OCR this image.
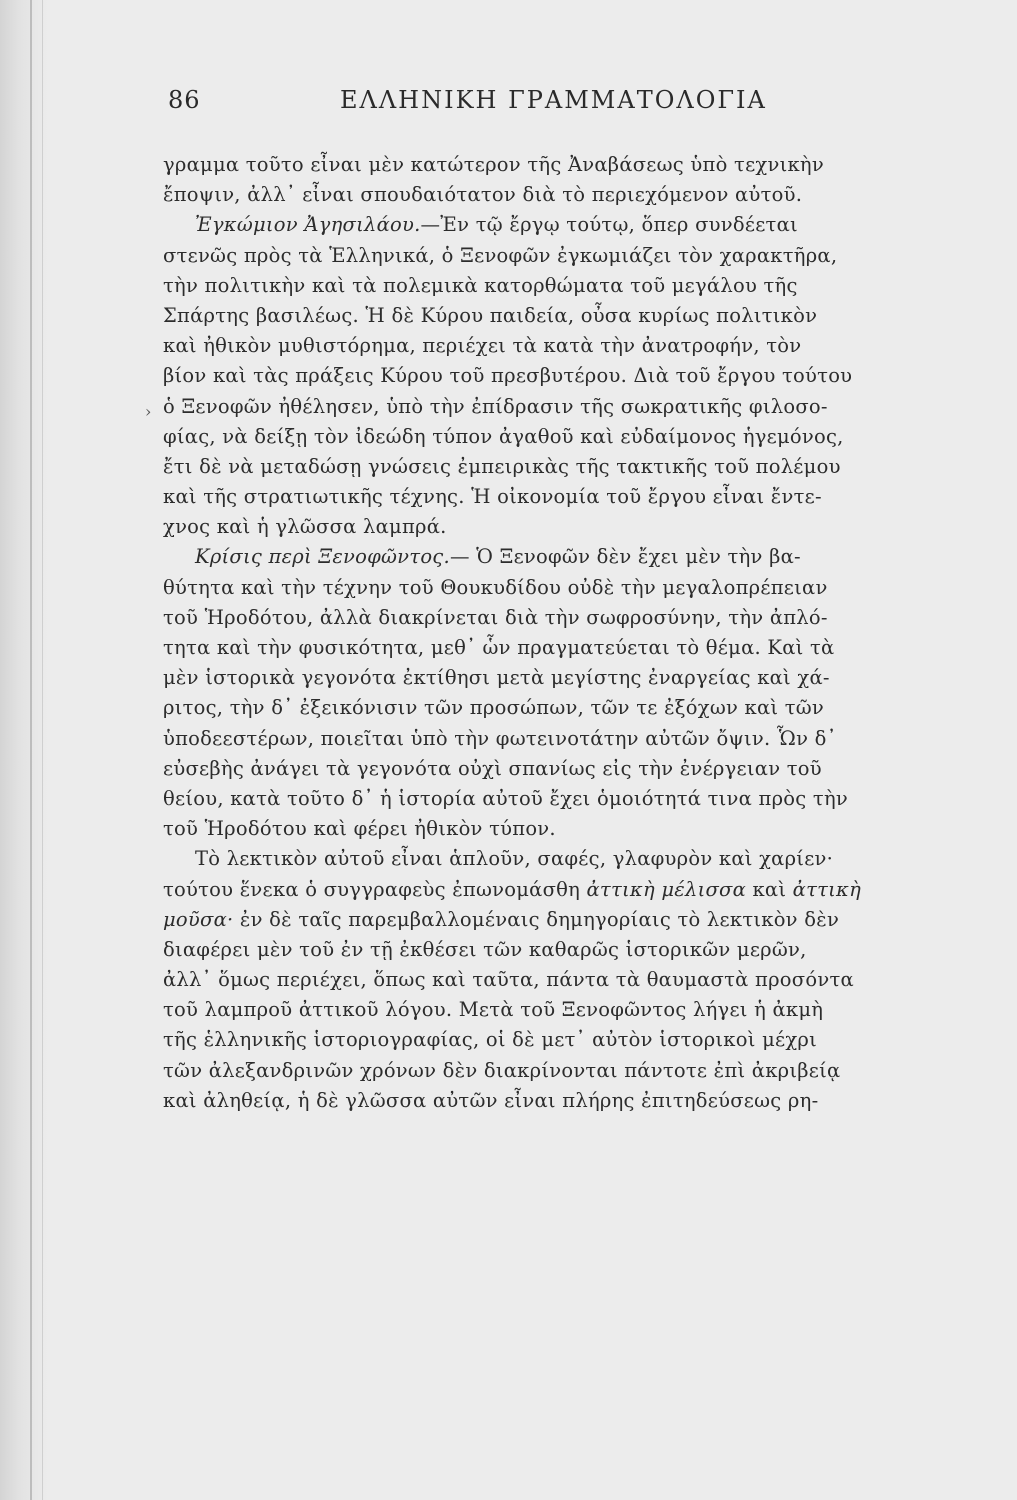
86	ΕΛΛΗΝΙΚΗ ΓΡΑΜΜΑΤΟΛΟΓΙΑ
›
γραμμα τοῦτο εἶναι μὲν κατώτερον τῆς Ἀναβάσεως ὑπὸ τεχνικὴν
ἔποψιν, ἀλλ᾽ εἶναι σπουδαιότατον διὰ τὸ περιεχόμενον αὐτοῦ.
Ἐγκώμιον Ἀγησιλάου.—Ἐν τῷ ἔργῳ τούτῳ, ὅπερ συνδέεται
στενῶς πρὸς τὰ Ἑλληνικά, ὁ Ξενοφῶν ἐγκωμιάζει τὸν χαρακτῆρα,
τὴν πολιτικὴν καὶ τὰ πολεμικὰ κατορθώματα τοῦ μεγάλου τῆς
Σπάρτης βασιλέως. Ἡ δὲ Κύρου παιδεία, οὖσα κυρίως πολιτικὸν
καὶ ἠθικὸν μυθιστόρημα, περιέχει τὰ κατὰ τὴν ἀνατροφήν, τὸν
βίον καὶ τὰς πράξεις Κύρου τοῦ πρεσβυτέρου. Διὰ τοῦ ἔργου τούτου
ὁ Ξενοφῶν ἠθέλησεν, ὑπὸ τὴν ἐπίδρασιν τῆς σωκρατικῆς φιλοσο-
φίας, νὰ δείξῃ τὸν ἰδεώδη τύπον ἀγαθοῦ καὶ εὐδαίμονος ἡγεμόνος,
ἔτι δὲ νὰ μεταδώσῃ γνώσεις ἐμπειρικὰς τῆς τακτικῆς τοῦ πολέμου
καὶ τῆς στρατιωτικῆς τέχνης. Ἡ οἰκονομία τοῦ ἔργου εἶναι ἔντε-
χνος καὶ ἡ γλῶσσα λαμπρά.
Κρίσις περὶ Ξενοφῶντος.— Ὁ Ξενοφῶν δὲν ἔχει μὲν τὴν βα-
θύτητα καὶ τὴν τέχνην τοῦ Θουκυδίδου οὐδὲ τὴν μεγαλοπρέπειαν
τοῦ Ἡροδότου, ἀλλὰ διακρίνεται διὰ τὴν σωφροσύνην, τὴν ἀπλό-
τητα καὶ τὴν φυσικότητα, μεθ᾽ ὧν πραγματεύεται τὸ θέμα. Καὶ τὰ
μὲν ἱστορικὰ γεγονότα ἐκτίθησι μετὰ μεγίστης ἐναργείας καὶ χά-
ριτος, τὴν δ᾽ ἐξεικόνισιν τῶν προσώπων, τῶν τε ἐξόχων καὶ τῶν
ὑποδεεστέρων, ποιεῖται ὑπὸ τὴν φωτεινοτάτην αὐτῶν ὄψιν. Ὧν δ᾽
εὐσεβὴς ἀνάγει τὰ γεγονότα οὐχὶ σπανίως εἰς τὴν ἐνέργειαν τοῦ
θείου, κατὰ τοῦτο δ᾽ ἡ ἱστορία αὐτοῦ ἔχει ὁμοιότητά τινα πρὸς τὴν
τοῦ Ἡροδότου καὶ φέρει ἠθικὸν τύπον.
Τὸ λεκτικὸν αὐτοῦ εἶναι ἁπλοῦν, σαφές, γλαφυρὸν καὶ χαρίεν·
τούτου ἕνεκα ὁ συγγραφεὺς ἐπωνομάσθη ἀττικὴ μέλισσα καὶ ἀττικὴ
μοῦσα· ἐν δὲ ταῖς παρεμβαλλομέναις δημηγορίαις τὸ λεκτικὸν δὲν
διαφέρει μὲν τοῦ ἐν τῇ ἐκθέσει τῶν καθαρῶς ἱστορικῶν μερῶν,
ἀλλ᾽ ὅμως περιέχει, ὅπως καὶ ταῦτα, πάντα τὰ θαυμαστὰ προσόντα
τοῦ λαμπροῦ ἀττικοῦ λόγου. Μετὰ τοῦ Ξενοφῶντος λήγει ἡ ἀκμὴ
τῆς ἑλληνικῆς ἱστοριογραφίας, οἱ δὲ μετ᾽ αὐτὸν ἱστορικοὶ μέχρι
τῶν ἀλεξανδρινῶν χρόνων δὲν διακρίνονται πάντοτε ἐπὶ ἀκριβείᾳ
καὶ ἀληθείᾳ, ἡ δὲ γλῶσσα αὐτῶν εἶναι πλήρης ἐπιτηδεύσεως ρη-
